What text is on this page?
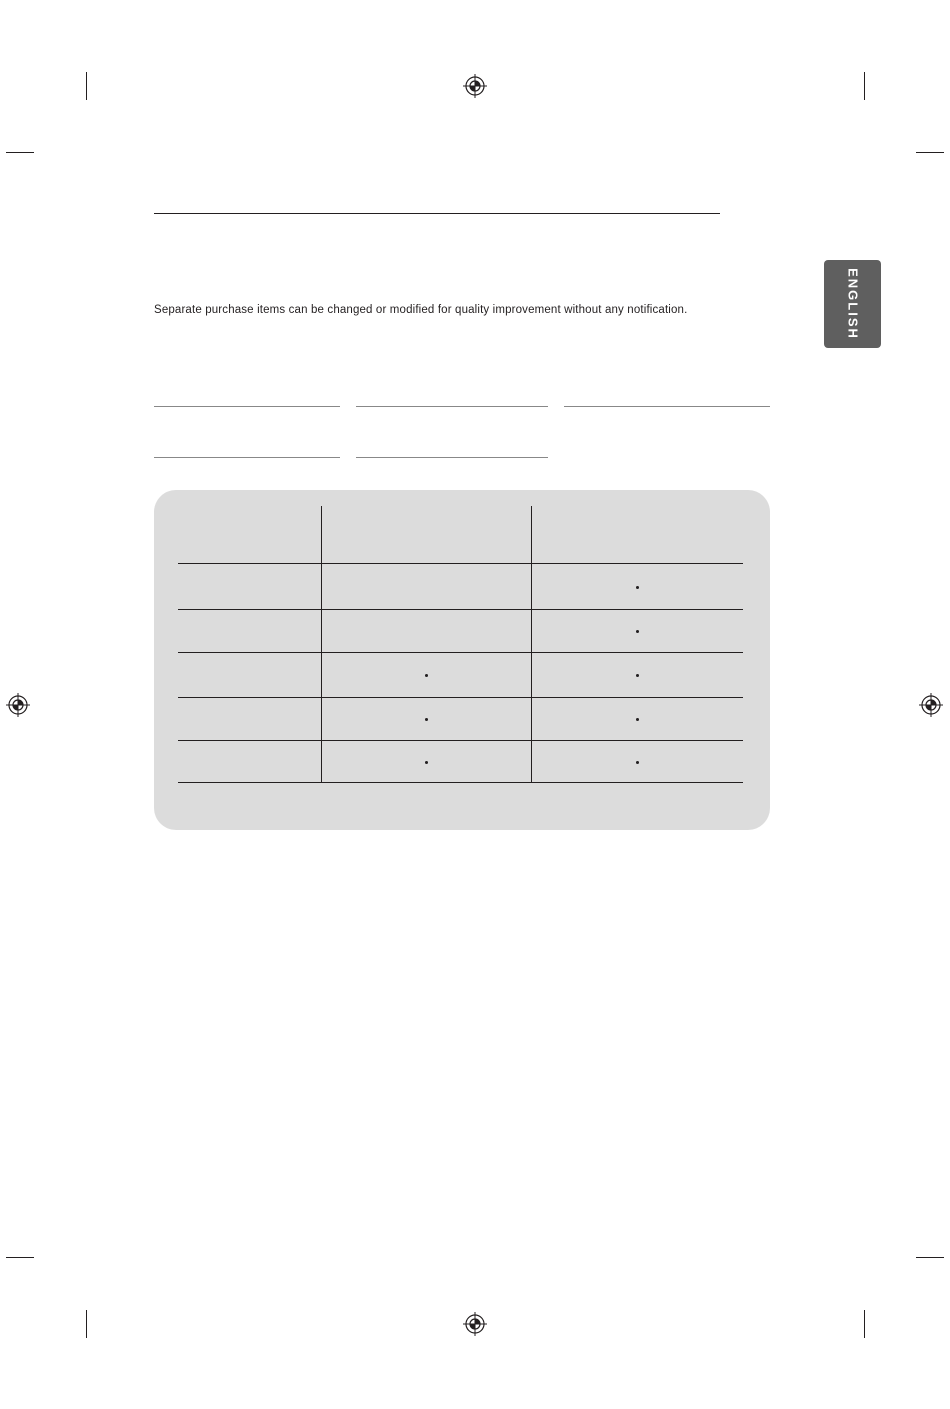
ENGLISH
Separate purchase items can be changed or modified for quality improvement without any notification.
